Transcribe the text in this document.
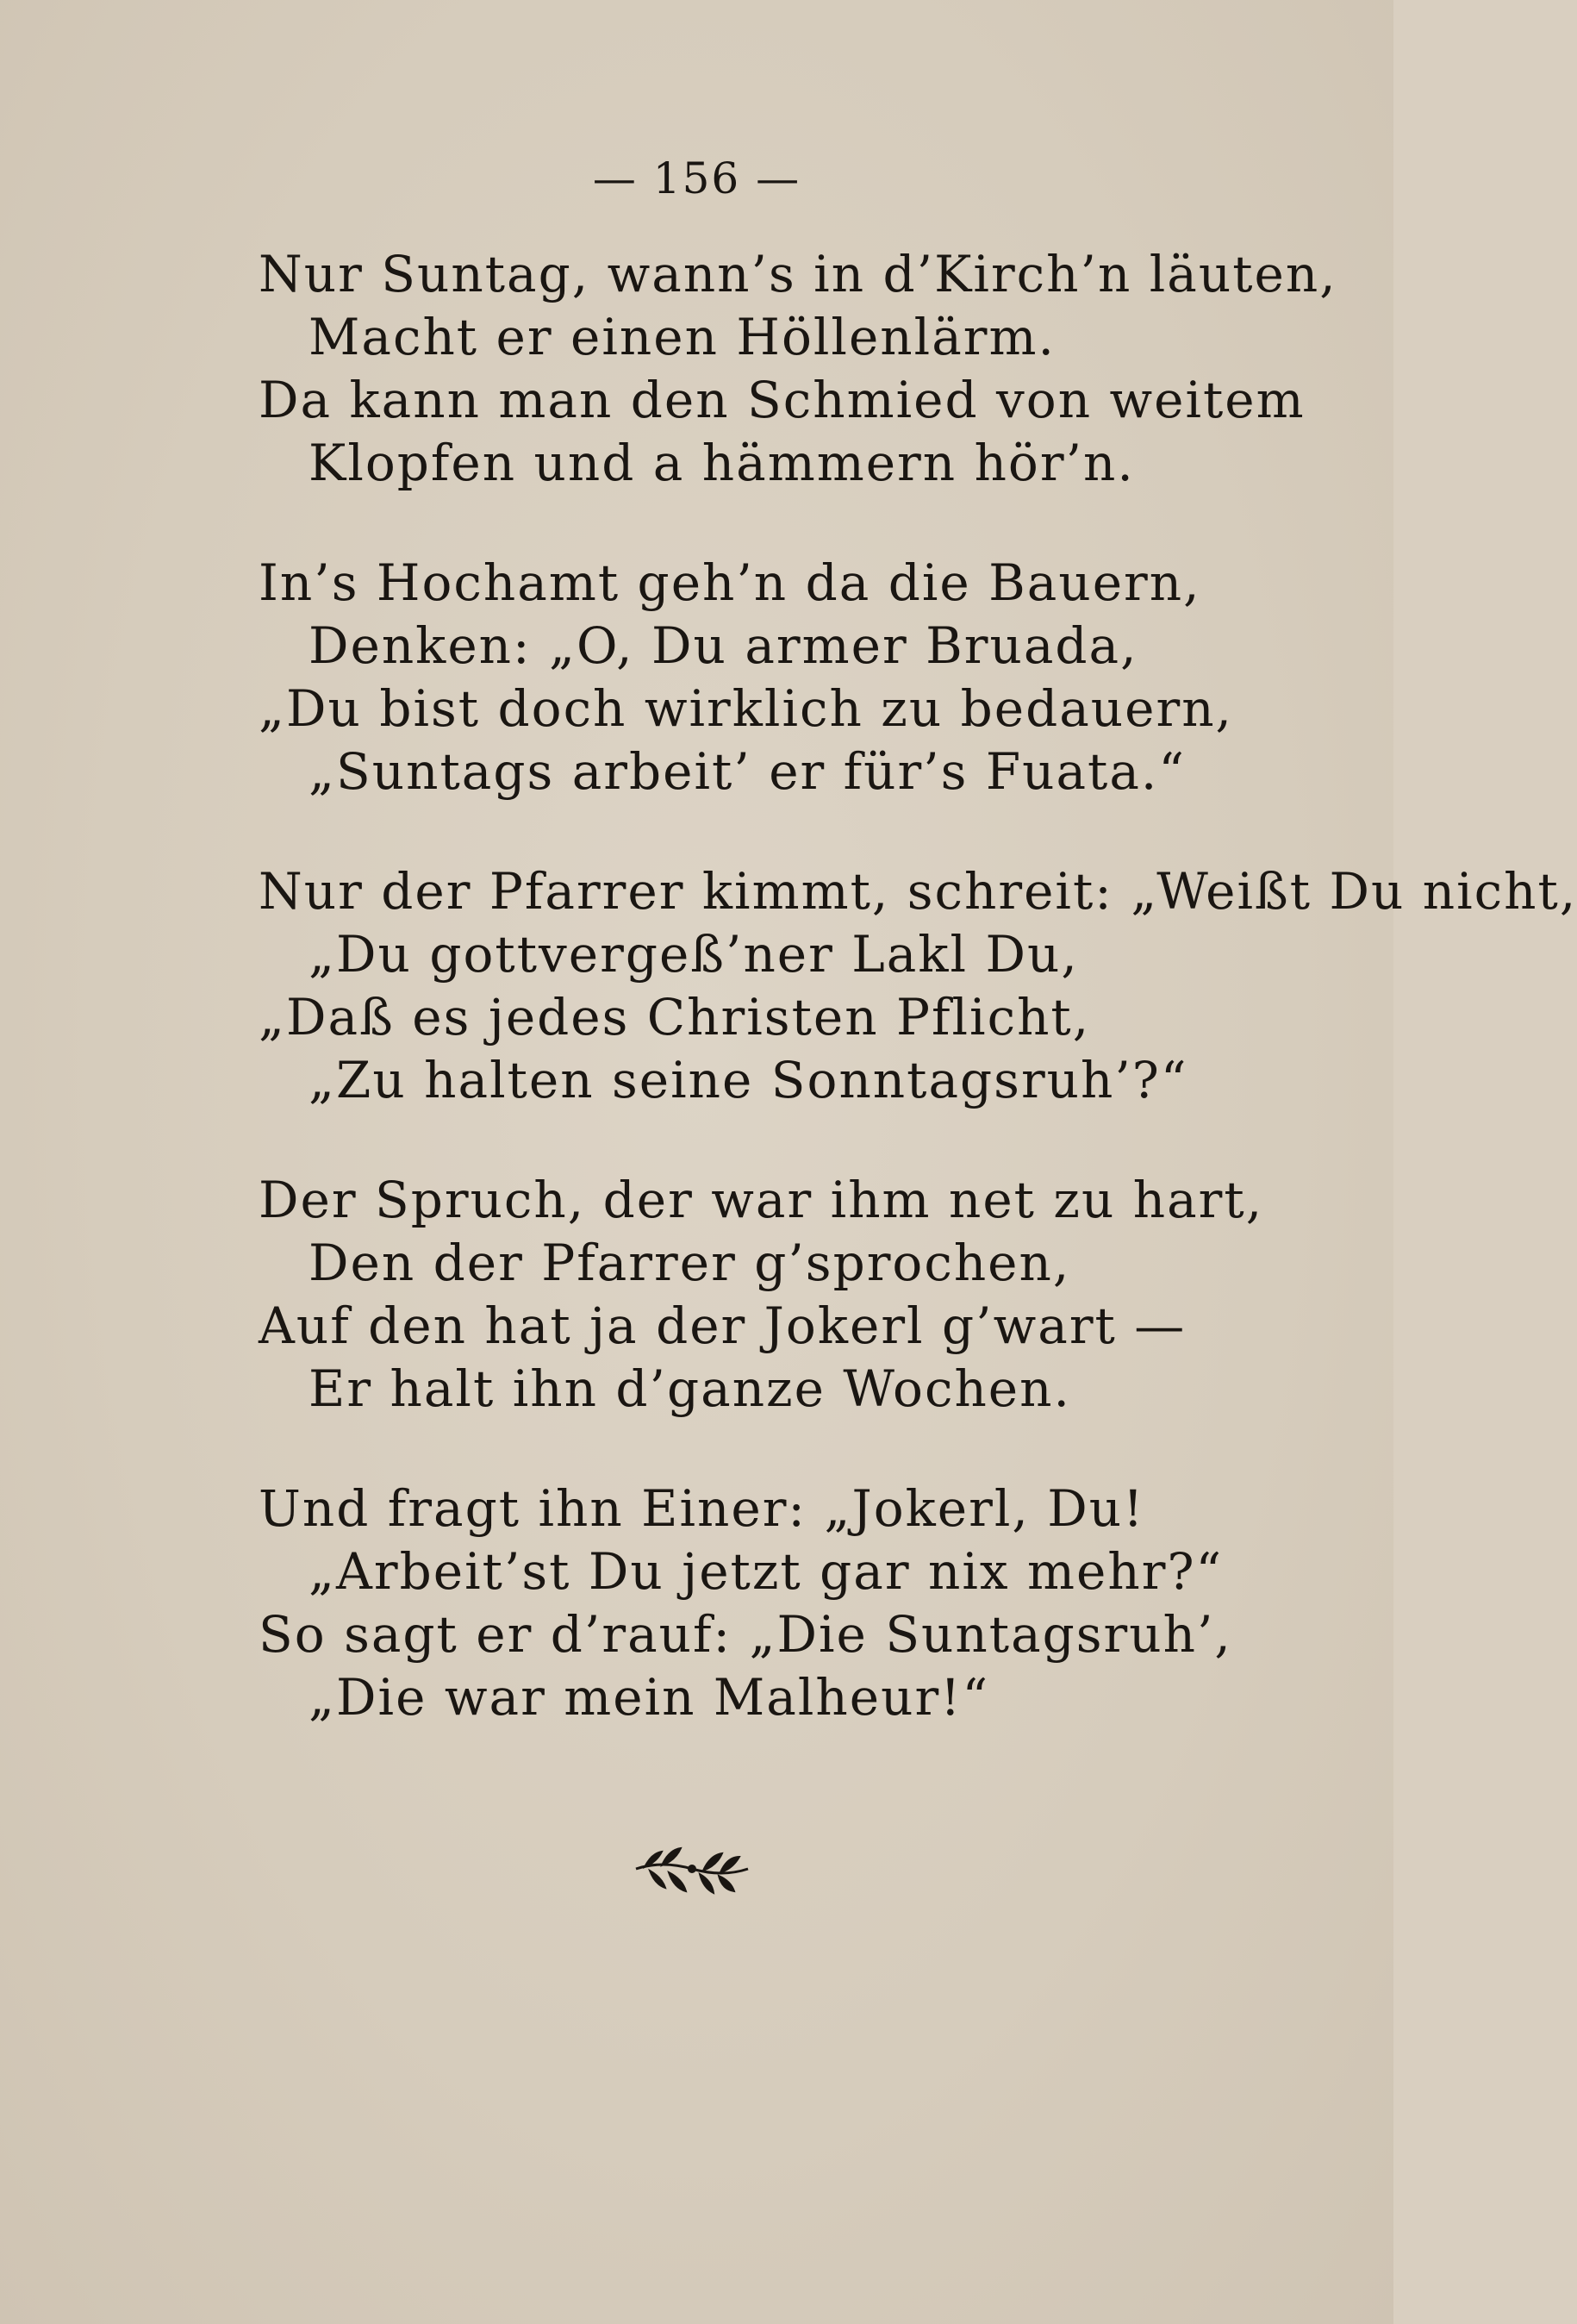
— 156 —
Nur Suntag, wann’s in d’Kirch’n läuten,
Macht er einen Höllenlärm.
Da kann man den Schmied von weitem
Klopfen und a hämmern hör’n.
In’s Hochamt geh’n da die Bauern,
Denken: „O, Du armer Bruada,
„Du bist doch wirklich zu bedauern,
„Suntags arbeit’ er für’s Fuata.“
Nur der Pfarrer kimmt, schreit: „Weißt Du nicht,
„Du gottvergeß’ner Lakl Du,
„Daß es jedes Christen Pflicht,
„Zu halten seine Sonntagsruh’?“
Der Spruch, der war ihm net zu hart,
Den der Pfarrer g’sprochen,
Auf den hat ja der Jokerl g’wart —
Er halt ihn d’ganze Wochen.
Und fragt ihn Einer: „Jokerl, Du!
„Arbeit’st Du jetzt gar nix mehr?“
So sagt er d’rauf: „Die Suntagsruh’,
„Die war mein Malheur!“
